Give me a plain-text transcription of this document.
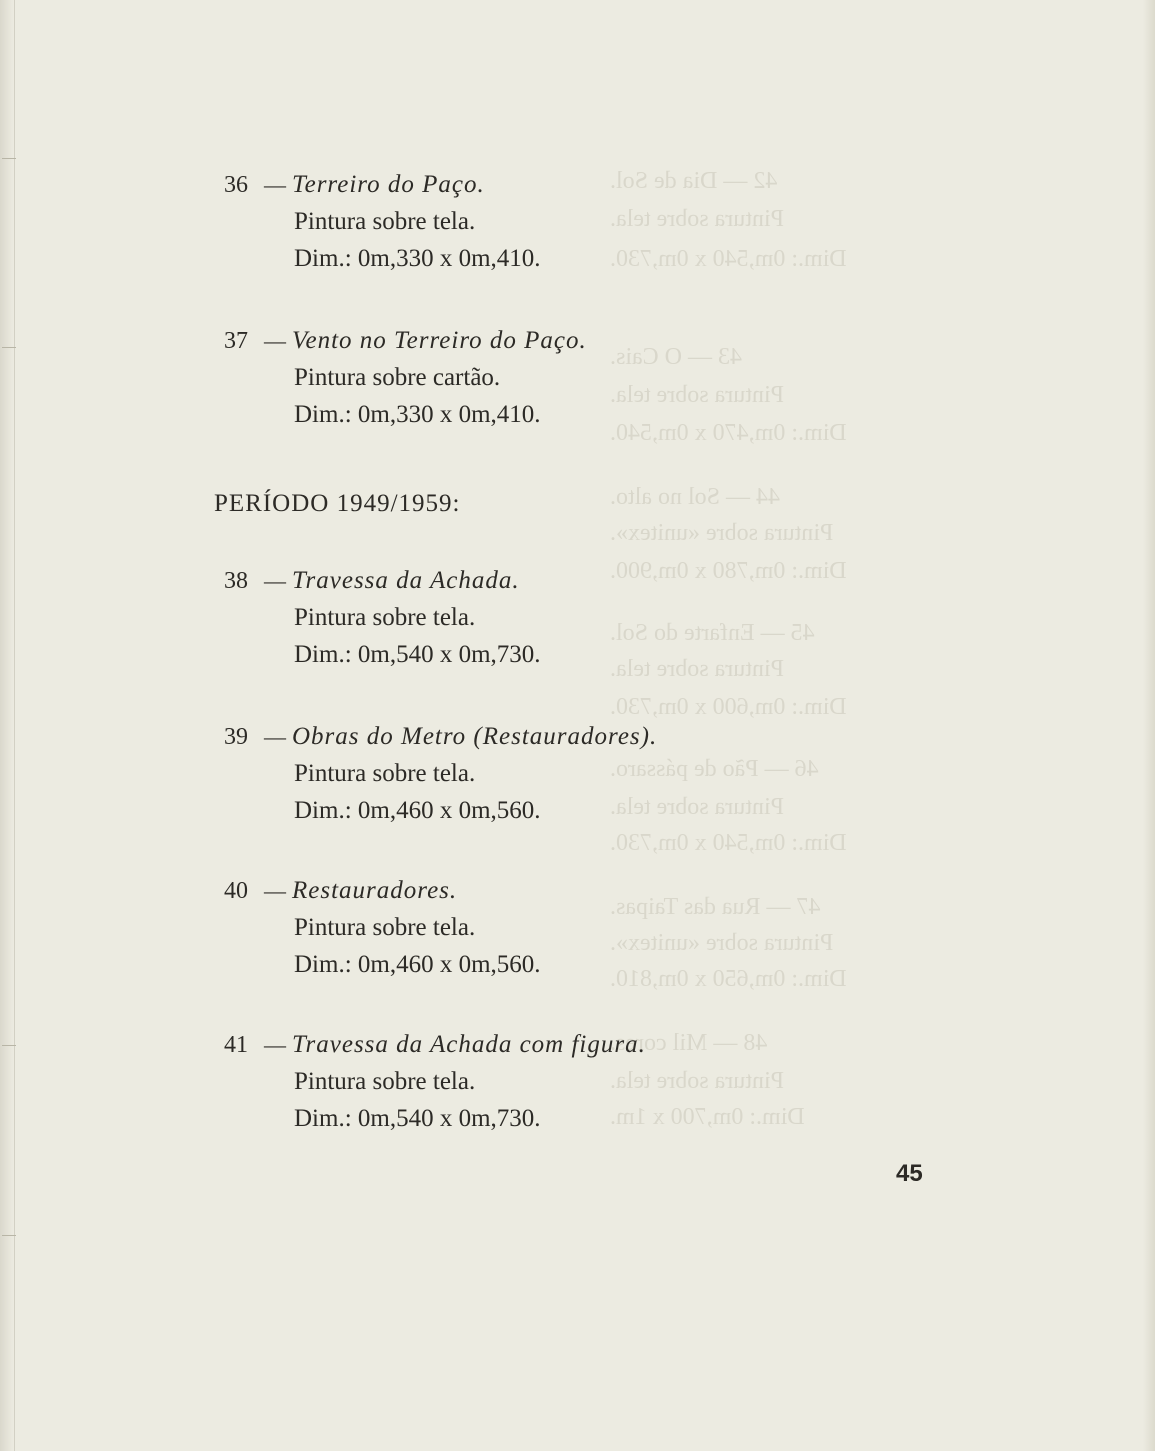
42 — Dia de Sol.
Pintura sobre tela.
Dim.: 0m,540 x 0m,730.
43 — O Cais.
Pintura sobre tela.
Dim.: 0m,470 x 0m,540.
44 — Sol no alto.
Pintura sobre «unitex».
Dim.: 0m,780 x 0m,900.
45 — Enfarte do Sol.
Pintura sobre tela.
Dim.: 0m,600 x 0m,730.
46 — Pão de pássaro.
Pintura sobre tela.
Dim.: 0m,540 x 0m,730.
47 — Rua das Taipas.
Pintura sobre «unitex».
Dim.: 0m,650 x 0m,810.
48 — Mil cores.
Pintura sobre tela.
Dim.: 0m,700 x 1m.
36 — Terreiro do Paço.
Pintura sobre tela.
Dim.: 0m,330 x 0m,410.
37 — Vento no Terreiro do Paço.
Pintura sobre cartão.
Dim.: 0m,330 x 0m,410.
PERÍODO 1949/1959:
38 — Travessa da Achada.
Pintura sobre tela.
Dim.: 0m,540 x 0m,730.
39 — Obras do Metro (Restauradores).
Pintura sobre tela.
Dim.: 0m,460 x 0m,560.
40 — Restauradores.
Pintura sobre tela.
Dim.: 0m,460 x 0m,560.
41 — Travessa da Achada com figura.
Pintura sobre tela.
Dim.: 0m,540 x 0m,730.
45
